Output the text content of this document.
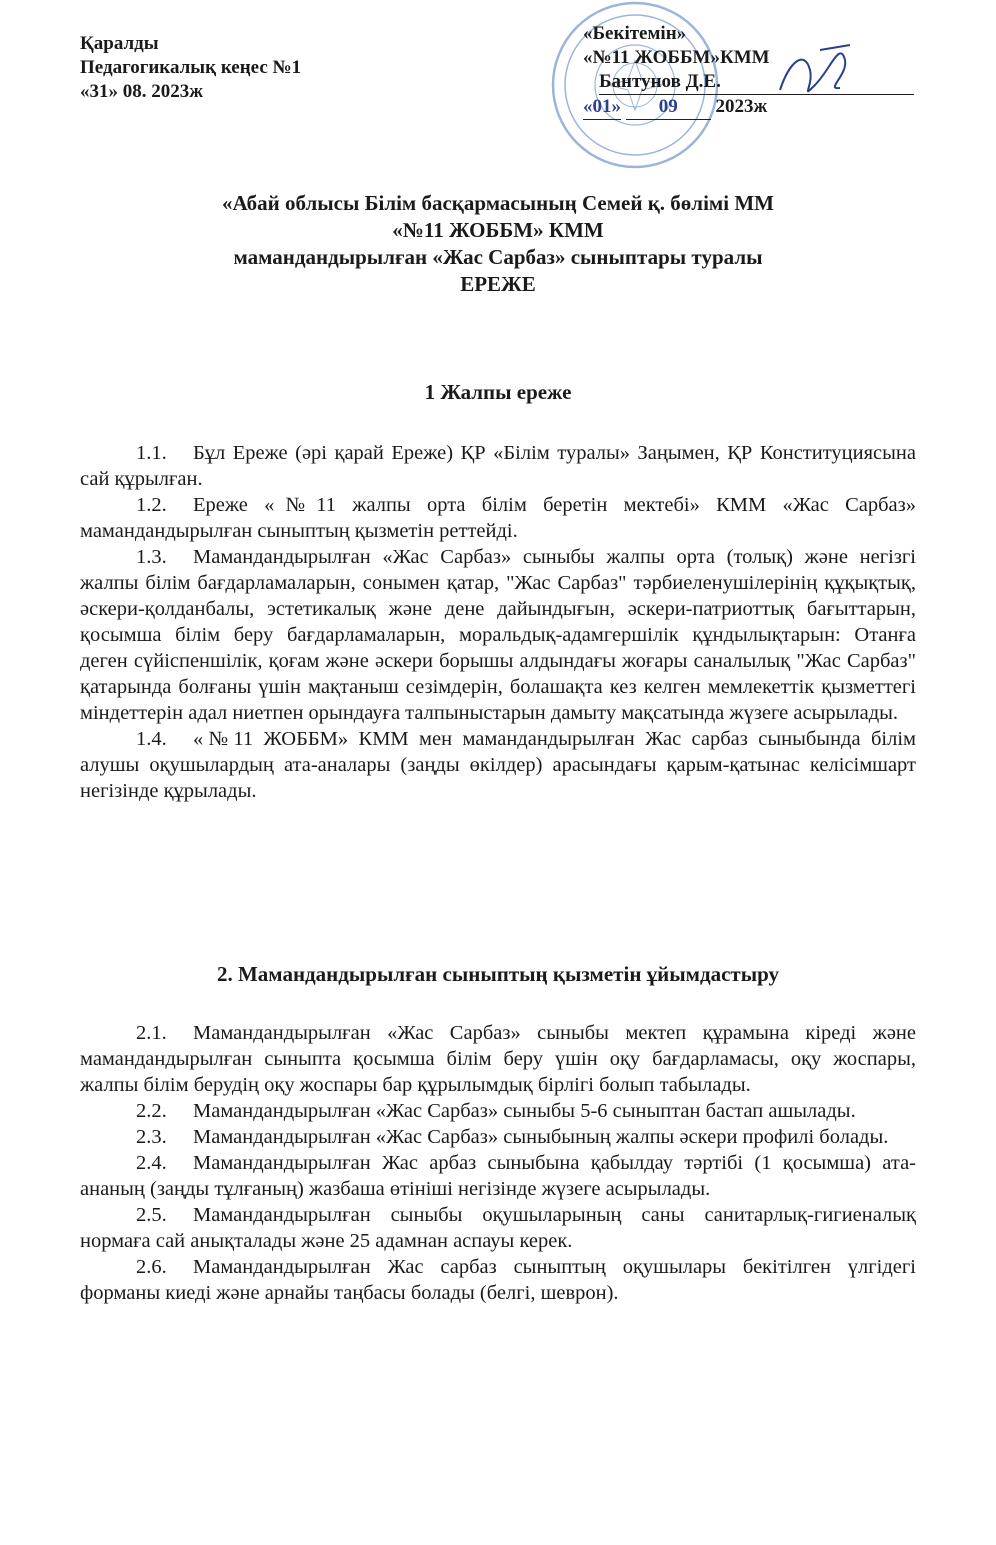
Қаралды
Педагогикалық кеңес №1
«31» 08. 2023ж
«Бекітемін»
«№11 ЖОББМ»КММ
Бантунов Д.Е.
«01» 09 2023ж
«Абай облысы Білім басқармасының Семей қ. бөлімі ММ
«№11 ЖОББМ» КММ
мамандандырылған «Жас Сарбаз» сыныптары туралы
ЕРЕЖЕ
1 Жалпы ереже

1.1. Бұл Ереже (әрі қарай Ереже) ҚР «Білім туралы» Заңымен, ҚР Конституциясына сай құрылған.

1.2. Ереже «№11 жалпы орта білім беретін мектебі» КММ «Жас Сарбаз» мамандандырылған сыныптың қызметін реттейді.

1.3. Мамандандырылған «Жас Сарбаз» сыныбы жалпы орта (толық) және негізгі жалпы білім бағдарламаларын, сонымен қатар, "Жас Сарбаз" тәрбиеленушілерінің құқықтық, әскери-қолданбалы, эстетикалық және дене дайындығын, әскери-патриоттық бағыттарын, қосымша білім беру бағдарламаларын, моральдық-адамгершілік құндылықтарын: Отанға деген сүйіспеншілік, қоғам және әскери борышы алдындағы жоғары саналылық "Жас Сарбаз" қатарында болғаны үшін мақтаныш сезімдерін, болашақта кез келген мемлекеттік қызметтегі міндеттерін адал ниетпен орындауға талпыныстарын дамыту мақсатында жүзеге асырылады.

1.4. «№11 ЖОББМ» КММ мен мамандандырылған Жас сарбаз сыныбында білім алушы оқушылардың ата-аналары (заңды өкілдер) арасындағы қарым-қатынас келісімшарт негізінде құрылады.

2. Мамандандырылған сыныптың қызметін ұйымдастыру

2.1. Мамандандырылған «Жас Сарбаз» сыныбы мектеп құрамына кіреді және мамандандырылған сыныпта қосымша білім беру үшін оқу бағдарламасы, оқу жоспары, жалпы білім берудің оқу жоспары бар құрылымдық бірлігі болып табылады.

2.2. Мамандандырылған «Жас Сарбаз» сыныбы 5-6 сыныптан бастап ашылады.

2.3. Мамандандырылған «Жас Сарбаз» сыныбының жалпы әскери профилі болады.

2.4. Мамандандырылған Жас арбаз сыныбына қабылдау тәртібі (1 қосымша) ата-ананың (заңды тұлғаның) жазбаша өтініші негізінде жүзеге асырылады.

2.5. Мамандандырылған сыныбы оқушыларының саны санитарлық-гигиеналық нормаға сай анықталады және 25 адамнан аспауы керек.

2.6. Мамандандырылған Жас сарбаз сыныптың оқушылары бекітілген үлгідегі форманы киеді және арнайы таңбасы болады (белгі, шеврон).
